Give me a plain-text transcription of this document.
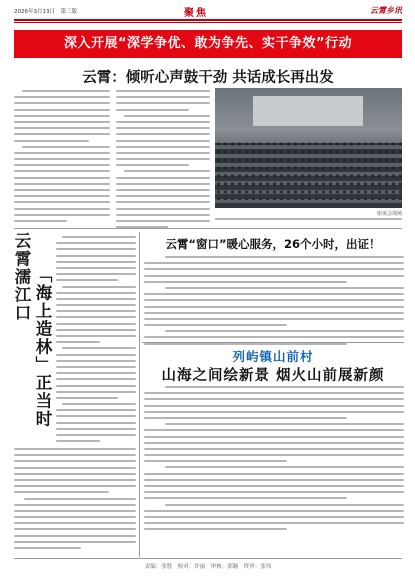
2026年3月13日　第三版	聚焦	云霄乡讯
深入开展“深学争优、敢为争先、实干争效”行动
云霄：倾听心声鼓干劲 共话成长再出发
座谈会现场
云霄濡江口 「海上造林」正当时
云霄“窗口”暖心服务，26个小时，出证！
列屿镇山前村
山海之间绘新景 烟火山前展新颜
责编：张胜　校对：许丽　审核：郭颖　终审：张伟
